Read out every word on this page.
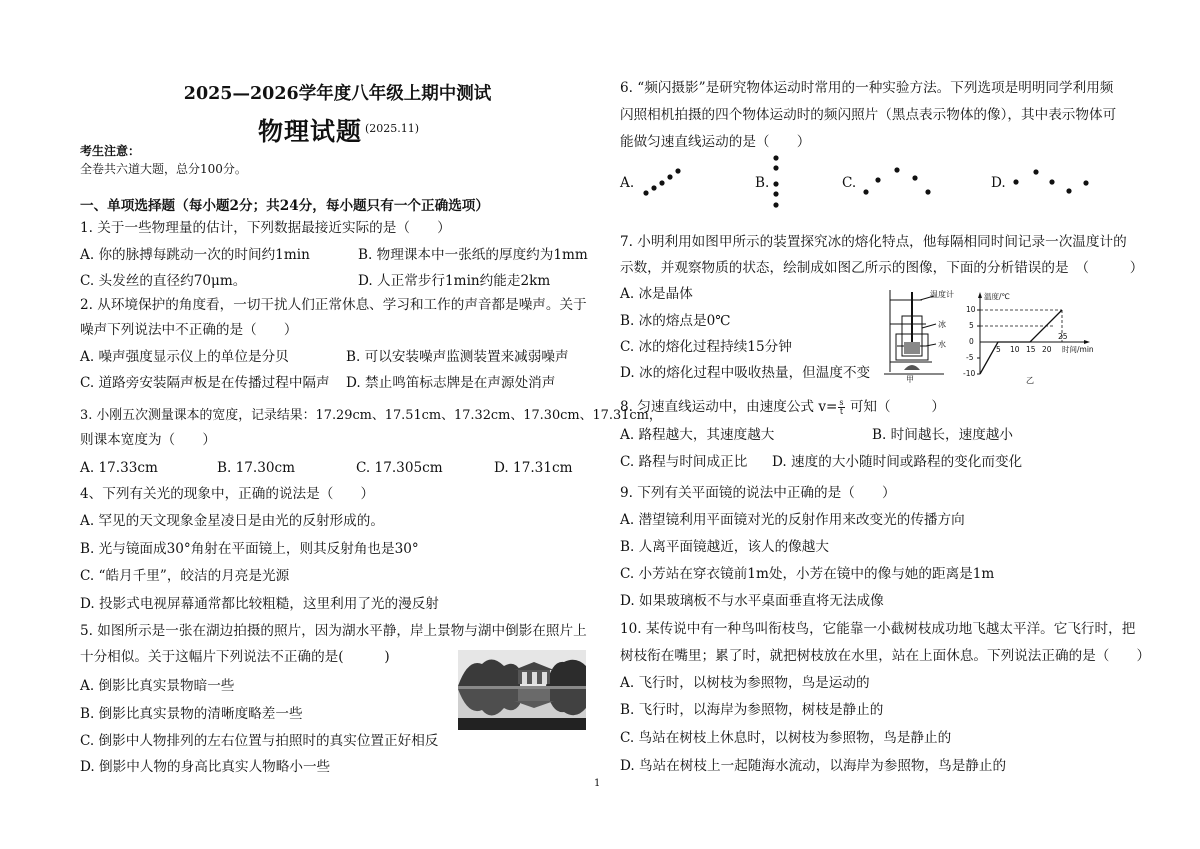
2025—2026学年度八年级上期中测试
物理试题 (2025.11)
考生注意：
全卷共六道大题，总分100分。
一、单项选择题（每小题2分；共24分，每小题只有一个正确选项）
1. 关于一些物理量的估计，下列数据最接近实际的是（　　）
A. 你的脉搏每跳动一次的时间约1min	B. 物理课本中一张纸的厚度约为1mm
C. 头发丝的直径约70μm。	D. 人正常步行1min约能走2km
2. 从环境保护的角度看，一切干扰人们正常休息、学习和工作的声音都是噪声。关于
噪声下列说法中不正确的是（　　）
A. 噪声强度显示仪上的单位是分贝	B. 可以安装噪声监测装置来减弱噪声
C. 道路旁安装隔声板是在传播过程中隔声 D. 禁止鸣笛标志牌是在声源处消声
3. 小刚五次测量课本的宽度，记录结果：17.29cm、17.51cm、17.32cm、17.30cm、17.31cm，
则课本宽度为（　　）
A. 17.33cm	B. 17.30cm	C. 17.305cm	D. 17.31cm
4、下列有关光的现象中，正确的说法是（　　）
A. 罕见的天文现象金星凌日是由光的反射形成的。
B. 光与镜面成30°角射在平面镜上，则其反射角也是30°
C. “皓月千里”，皎洁的月亮是光源
D. 投影式电视屏幕通常都比较粗糙，这里利用了光的漫反射
5. 如图所示是一张在湖边拍摄的照片，因为湖水平静，岸上景物与湖中倒影在照片上
十分相似。关于这幅片下列说法不正确的是(　　　)
A. 倒影比真实景物暗一些
B. 倒影比真实景物的清晰度略差一些
C. 倒影中人物排列的左右位置与拍照时的真实位置正好相反
D. 倒影中人物的身高比真实人物略小一些
6. “频闪摄影”是研究物体运动时常用的一种实验方法。下列选项是明明同学利用频
闪照相机拍摄的四个物体运动时的频闪照片（黑点表示物体的像），其中表示物体可
能做匀速直线运动的是（　　）
A.	B.	C.	D.
7. 小明利用如图甲所示的装置探究冰的熔化特点，他每隔相同时间记录一次温度计的
示数，并观察物质的状态，绘制成如图乙所示的图像，下面的分析错误的是　（　　　）
A. 冰是晶体
B. 冰的熔点是0℃
C. 冰的熔化过程持续15分钟
D. 冰的熔化过程中吸收热量，但温度不变
温度计
冰
水
甲
温度/℃
时间/min
10
5
0
-5
-10
5 10 15 20
25
乙
8. 匀速直线运动中，由速度公式 $v= \frac{s}{t}$ 可知（　　　）
A. 路程越大，其速度越大	B. 时间越长，速度越小
C. 路程与时间成正比 D. 速度的大小随时间或路程的变化而变化
9. 下列有关平面镜的说法中正确的是（　　）
A. 潜望镜利用平面镜对光的反射作用来改变光的传播方向
B. 人离平面镜越近，该人的像越大
C. 小芳站在穿衣镜前1m处，小芳在镜中的像与她的距离是1m
D. 如果玻璃板不与水平桌面垂直将无法成像
10. 某传说中有一种鸟叫衔枝鸟，它能靠一小截树枝成功地飞越太平洋。它飞行时，把
树枝衔在嘴里；累了时，就把树枝放在水里，站在上面休息。下列说法正确的是（　　）
A. 飞行时，以树枝为参照物，鸟是运动的
B. 飞行时，以海岸为参照物，树枝是静止的
C. 鸟站在树枝上休息时，以树枝为参照物，鸟是静止的
D. 鸟站在树枝上一起随海水流动，以海岸为参照物，鸟是静止的
1
